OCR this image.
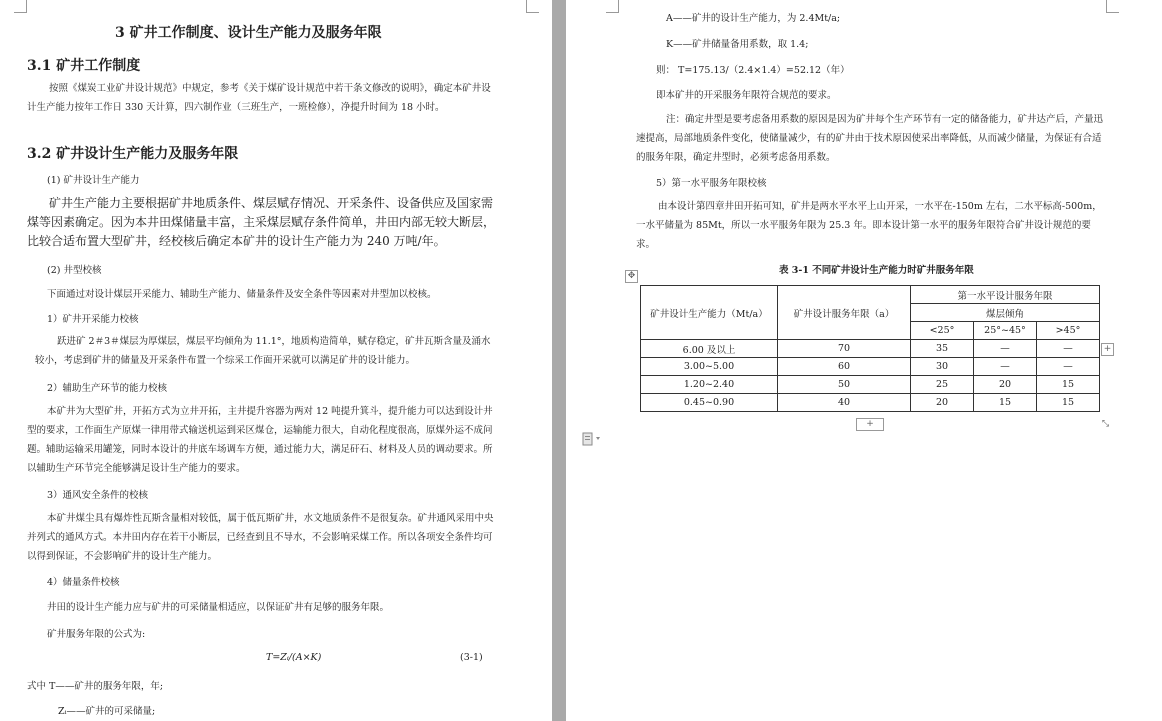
3 矿井工作制度、设计生产能力及服务年限
3.1 矿井工作制度
按照《煤炭工业矿井设计规范》中规定，参考《关于煤矿设计规范中若干条文修改的说明》，确定本矿井设计生产能力按年工作日 330 天计算，四六制作业（三班生产，一班检修），净提升时间为 18 小时。
3.2 矿井设计生产能力及服务年限
(1) 矿井设计生产能力
矿井生产能力主要根据矿井地质条件、煤层赋存情况、开采条件、设备供应及国家需煤等因素确定。因为本井田煤储量丰富，主采煤层赋存条件简单，井田内部无较大断层，比较合适布置大型矿井，经校核后确定本矿井的设计生产能力为 240 万吨/年。
(2) 井型校核
下面通过对设计煤层开采能力、辅助生产能力、储量条件及安全条件等因素对井型加以校核。
1）矿井开采能力校核
跃进矿 2＃3＃煤层为厚煤层，煤层平均倾角为 11.1°，地质构造简单，赋存稳定，矿井瓦斯含量及涌水较小，考虑到矿井的储量及开采条件布置一个综采工作面开采就可以满足矿井的设计能力。
2）辅助生产环节的能力校核
本矿井为大型矿井，开拓方式为立井开拓，主井提升容器为两对 12 吨提升箕斗，提升能力可以达到设计井型的要求，工作面生产原煤一律用带式输送机运到采区煤仓，运输能力很大，自动化程度很高，原煤外运不成问题。辅助运输采用罐笼，同时本设计的井底车场调车方便，通过能力大，满足矸石、材料及人员的调动要求。所以辅助生产环节完全能够满足设计生产能力的要求。
3）通风安全条件的校核
本矿井煤尘具有爆炸性瓦斯含量相对较低，属于低瓦斯矿井，水文地质条件不是很复杂。矿井通风采用中央并列式的通风方式。本井田内存在若干小断层，已经查到且不导水，不会影响采煤工作。所以各项安全条件均可以得到保证，不会影响矿井的设计生产能力。
4）储量条件校核
井田的设计生产能力应与矿井的可采储量相适应，以保证矿井有足够的服务年限。
矿井服务年限的公式为:
T=Zᵢ/(A×K)	(3-1)
式中 T——矿井的服务年限，年;
Zᵢ——矿井的可采储量;
A——矿井的设计生产能力，为 2.4Mt/a;
K——矿井储量备用系数，取 1.4;
则： T=175.13/（2.4×1.4）=52.12（年）
即本矿井的开采服务年限符合规范的要求。
注：确定井型是要考虑备用系数的原因是因为矿井每个生产环节有一定的储备能力，矿井达产后，产量迅速提高，局部地质条件变化，使储量减少，有的矿井由于技术原因使采出率降低，从而减少储量，为保证有合适的服务年限，确定井型时，必须考虑备用系数。
5）第一水平服务年限校核
由本设计第四章井田开拓可知，矿井是两水平水平上山开采，一水平在-150m 左右，二水平标高-500m，一水平储量为 85Mt，所以一水平服务年限为 25.3 年。即本设计第一水平的服务年限符合矿井设计规范的要求。
表 3-1 不同矿井设计生产能力时矿井服务年限
矿井设计生产能力（Mt/a）	矿井设计服务年限（a）	第一水平设计服务年限		
		煤层倾角		
		<25°	25°~45°	>45°
6.00 及以上	70	35	—	—
3.00~5.00	60	30	—	—
1.20~2.40	50	25	20	15
0.45~0.90	40	20	15	15
✥
+
+	⤡
